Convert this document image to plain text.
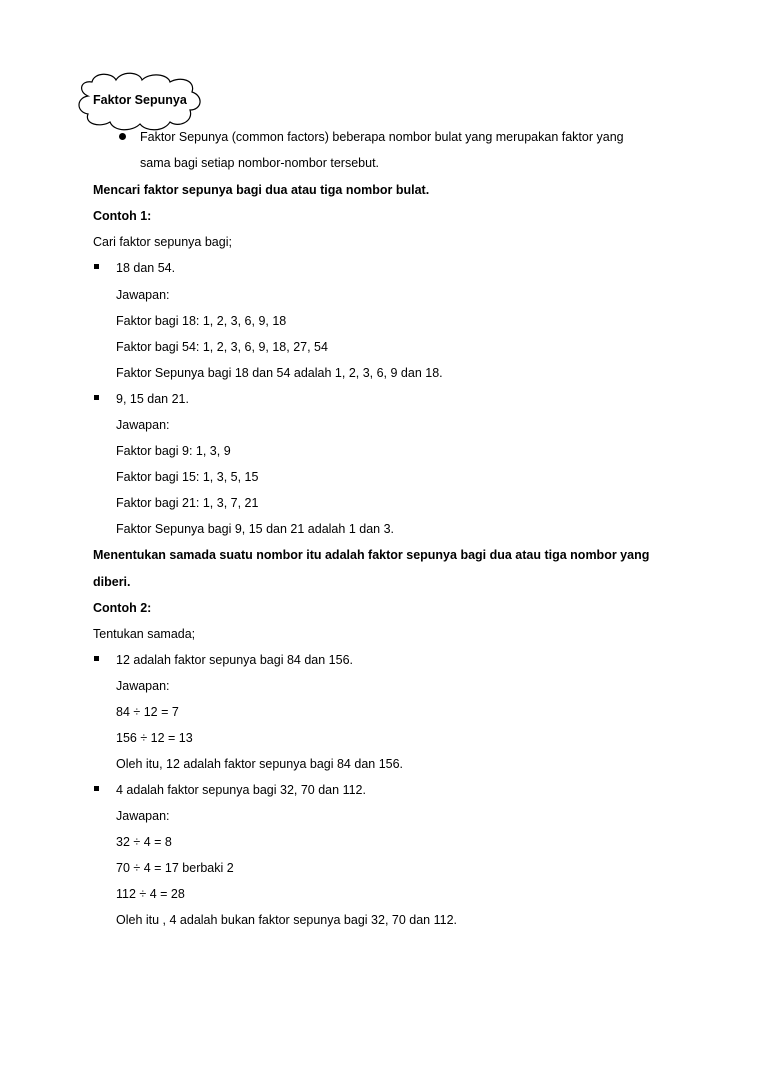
Faktor Sepunya
Faktor Sepunya (common factors) beberapa nombor bulat yang merupakan faktor yang
sama bagi setiap nombor-nombor tersebut.
Mencari faktor sepunya bagi dua atau tiga nombor bulat.
Contoh 1:
Cari faktor sepunya bagi;
18 dan 54.
Jawapan:
Faktor bagi 18: 1, 2, 3, 6, 9, 18
Faktor bagi 54: 1, 2, 3, 6, 9, 18, 27, 54
Faktor Sepunya bagi 18 dan 54 adalah 1, 2, 3, 6, 9 dan 18.
9, 15 dan 21.
Jawapan:
Faktor bagi 9: 1, 3, 9
Faktor bagi 15: 1, 3, 5, 15
Faktor bagi 21: 1, 3, 7, 21
Faktor Sepunya bagi 9, 15 dan 21 adalah 1 dan 3.
Menentukan samada suatu nombor itu adalah faktor sepunya bagi dua atau tiga nombor yang
diberi.
Contoh 2:
Tentukan samada;
12 adalah faktor sepunya bagi 84 dan 156.
Jawapan:
84 ÷ 12 = 7
156 ÷ 12 = 13
Oleh itu, 12 adalah faktor sepunya bagi 84 dan 156.
4 adalah faktor sepunya bagi 32, 70 dan 112.
Jawapan:
32 ÷ 4 = 8
70 ÷ 4 = 17 berbaki 2
112 ÷ 4 = 28
Oleh itu , 4 adalah bukan faktor sepunya bagi 32, 70 dan 112.
